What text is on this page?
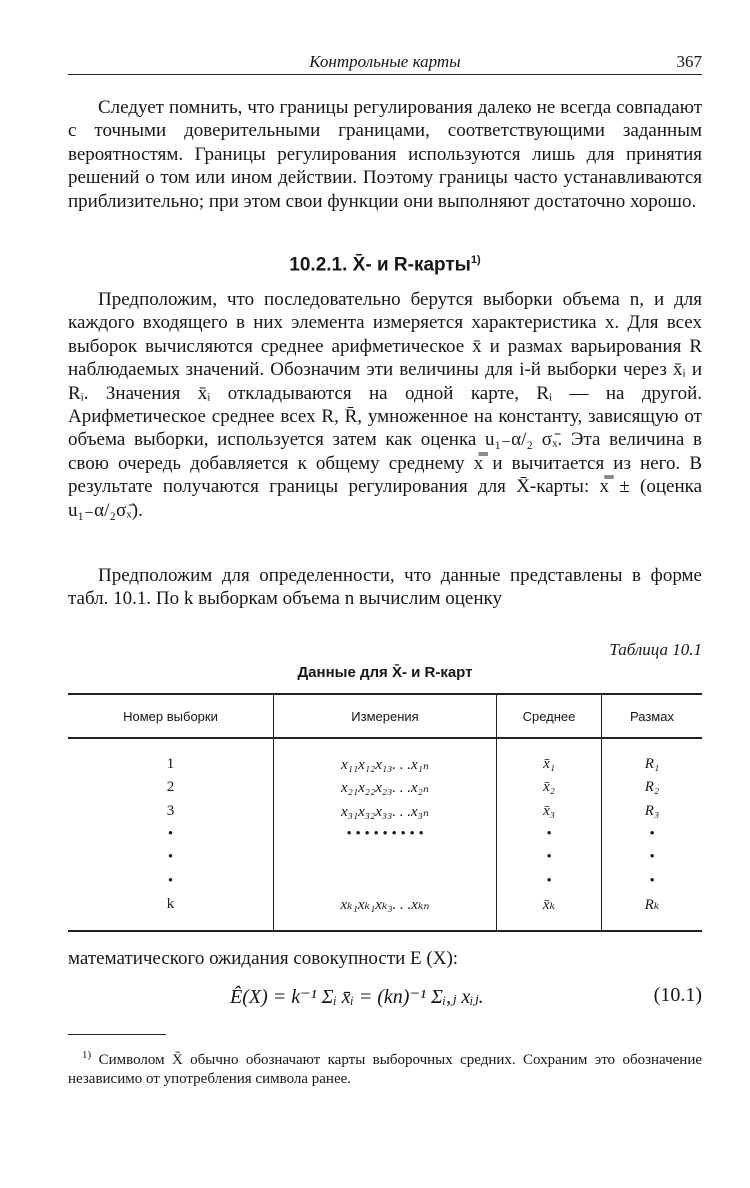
Контрольные карты	367

Следует помнить, что границы регулирования далеко не всегда совпадают с точными доверительными границами, соответствующими заданным вероятностям. Границы регулирования используются лишь для принятия решений о том или ином действии. Поэтому границы часто устанавливаются приблизительно; при этом свои функции они выполняют достаточно хорошо.

10.2.1. X̄- и R-карты$^{1)}$

Предположим, что последовательно берутся выборки объема n, и для каждого входящего в них элемента измеряется характеристика x. Для всех выборок вычисляются среднее арифметическое x̄ и размах варьирования R наблюдаемых значений. Обозначим эти величины для i-й выборки через x̄ᵢ и Rᵢ. Значения x̄ᵢ откладываются на одной карте, Rᵢ — на другой. Арифметическое среднее всех R, R̄, умноженное на константу, зависящую от объема выборки, используется затем как оценка u₁₋α/₂ σₓ̄. Эта величина в свою очередь добавляется к общему среднему x̿ и вычитается из него. В результате получаются границы регулирования для X̄-карты: x̿ ± (оценка u₁₋α/₂σₓ̄).

Предположим для определенности, что данные представлены в форме табл. 10.1. По k выборкам объема n вычислим оценку

Таблица 10.1
Данные для X̄- и R-карт
Номер выборки	Измерения	Среднее	Размах
1	x₁₁x₁₂x₁₃. . .x₁ₙ	x̄₁	R₁
2	x₂₁x₂₂x₂₃. . .x₂ₙ	x̄₂	R₂
3	x₃₁x₃₂x₃₃. . .x₃ₙ	x̄₃	R₃
•	• • • • • • • • •	•	•
•		•	•
•		•	•
k	xₖ₁xₖ₁xₖ₃. . .xₖₙ	x̄ₖ	Rₖ

математического ожидания совокупности E (X):

Ê(X) = k⁻¹ Σᵢ x̄ᵢ = (kn)⁻¹ Σᵢ,ⱼ xᵢⱼ.	(10.1)

$^{1)}$ Символом X̄ обычно обозначают карты выборочных средних. Сохраним это обозначение независимо от употребления символа ранее.
